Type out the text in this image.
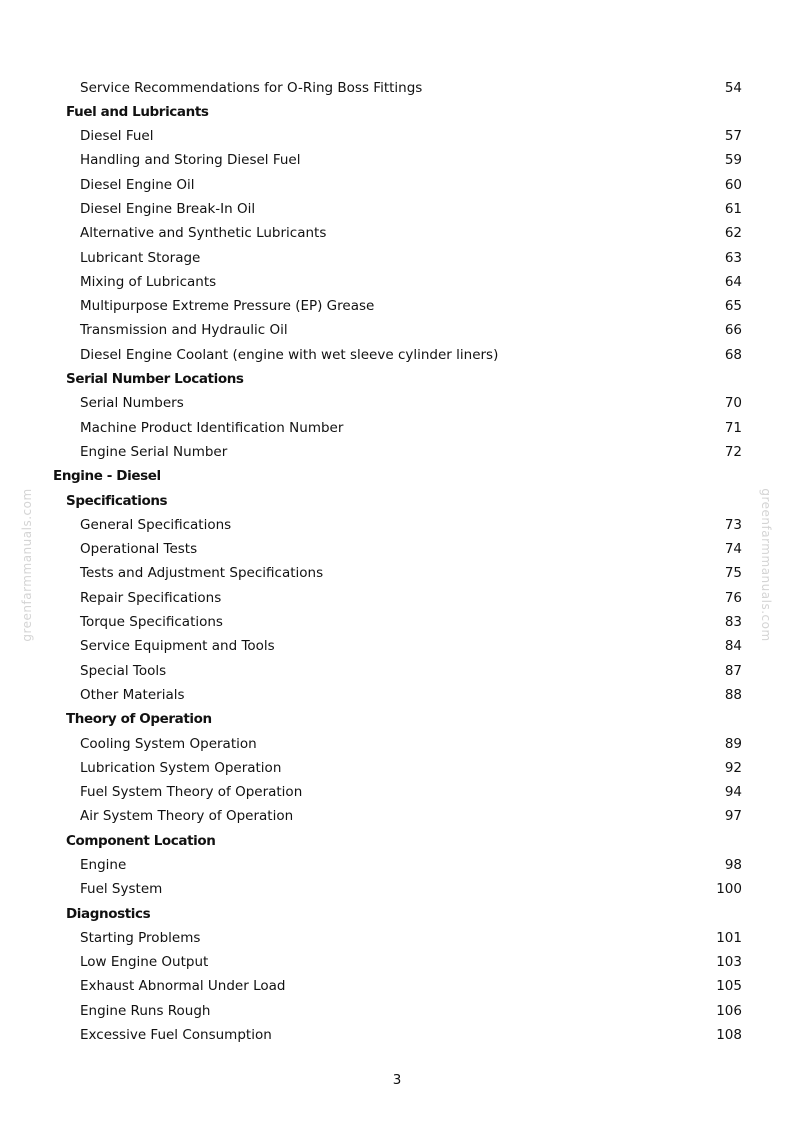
greenfarmmanuals.com	greenfarmmanuals.com
Service Recommendations for O-Ring Boss Fittings	54
Fuel and Lubricants
Diesel Fuel	57
Handling and Storing Diesel Fuel	59
Diesel Engine Oil	60
Diesel Engine Break-In Oil	61
Alternative and Synthetic Lubricants	62
Lubricant Storage	63
Mixing of Lubricants	64
Multipurpose Extreme Pressure (EP) Grease	65
Transmission and Hydraulic Oil	66
Diesel Engine Coolant (engine with wet sleeve cylinder liners)	68
Serial Number Locations
Serial Numbers	70
Machine Product Identification Number	71
Engine Serial Number	72
Engine - Diesel
Specifications
General Specifications	73
Operational Tests	74
Tests and Adjustment Specifications	75
Repair Specifications	76
Torque Specifications	83
Service Equipment and Tools	84
Special Tools	87
Other Materials	88
Theory of Operation
Cooling System Operation	89
Lubrication System Operation	92
Fuel System Theory of Operation	94
Air System Theory of Operation	97
Component Location
Engine	98
Fuel System	100
Diagnostics
Starting Problems	101
Low Engine Output	103
Exhaust Abnormal Under Load	105
Engine Runs Rough	106
Excessive Fuel Consumption	108
3
